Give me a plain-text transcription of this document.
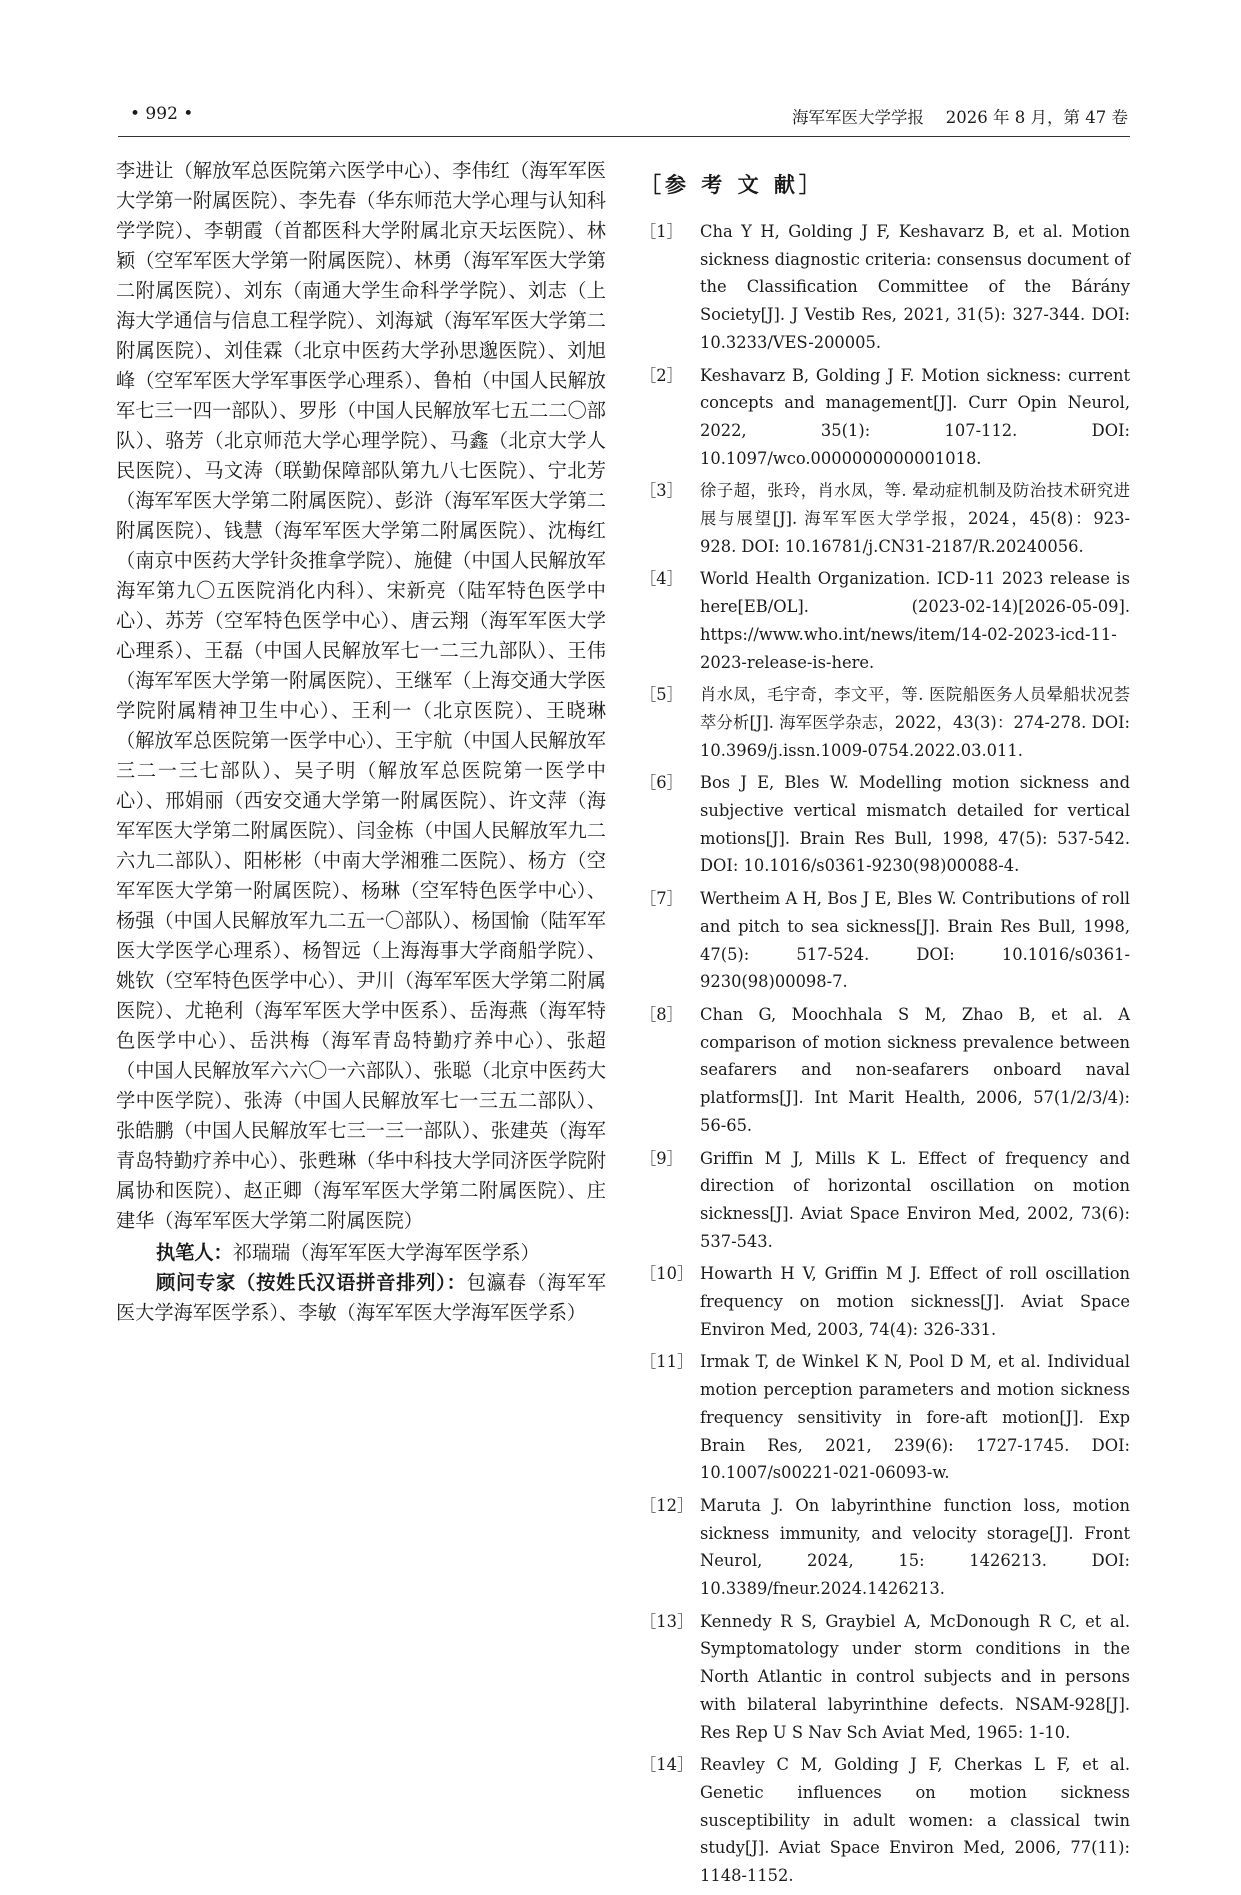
• 992 •	海军军医大学学报　 2026 年 8 月，第 47 卷

李进让（解放军总医院第六医学中心）、李伟红（海军军医大学第一附属医院）、李先春（华东师范大学心理与认知科学学院）、李朝霞（首都医科大学附属北京天坛医院）、林颖（空军军医大学第一附属医院）、林勇（海军军医大学第二附属医院）、刘东（南通大学生命科学学院）、刘志（上海大学通信与信息工程学院）、刘海斌（海军军医大学第二附属医院）、刘佳霖（北京中医药大学孙思邈医院）、刘旭峰（空军军医大学军事医学心理系）、鲁柏（中国人民解放军七三一四一部队）、罗彤（中国人民解放军七五二二〇部队）、骆芳（北京师范大学心理学院）、马鑫（北京大学人民医院）、马文涛（联勤保障部队第九八七医院）、宁北芳（海军军医大学第二附属医院）、彭浒（海军军医大学第二附属医院）、钱慧（海军军医大学第二附属医院）、沈梅红（南京中医药大学针灸推拿学院）、施健（中国人民解放军海军第九〇五医院消化内科）、宋新亮（陆军特色医学中心）、苏芳（空军特色医学中心）、唐云翔（海军军医大学心理系）、王磊（中国人民解放军七一二三九部队）、王伟（海军军医大学第一附属医院）、王继军（上海交通大学医学院附属精神卫生中心）、王利一（北京医院）、王晓琳（解放军总医院第一医学中心）、王宇航（中国人民解放军三二一三七部队）、吴子明（解放军总医院第一医学中心）、邢娟丽（西安交通大学第一附属医院）、许文萍（海军军医大学第二附属医院）、闫金栋（中国人民解放军九二六九二部队）、阳彬彬（中南大学湘雅二医院）、杨方（空军军医大学第一附属医院）、杨琳（空军特色医学中心）、杨强（中国人民解放军九二五一〇部队）、杨国愉（陆军军医大学医学心理系）、杨智远（上海海事大学商船学院）、姚钦（空军特色医学中心）、尹川（海军军医大学第二附属医院）、尤艳利（海军军医大学中医系）、岳海燕（海军特色医学中心）、岳洪梅（海军青岛特勤疗养中心）、张超（中国人民解放军六六〇一六部队）、张聪（北京中医药大学中医学院）、张涛（中国人民解放军七一三五二部队）、张皓鹏（中国人民解放军七三一三一部队）、张建英（海军青岛特勤疗养中心）、张甦琳（华中科技大学同济医学院附属协和医院）、赵正卿（海军军医大学第二附属医院）、庄建华（海军军医大学第二附属医院）

执笔人：祁瑞瑞（海军军医大学海军医学系）

顾问专家（按姓氏汉语拼音排列）：包瀛春（海军军医大学海军医学系）、李敏（海军军医大学海军医学系）

［参 考 文 献］
［1］	Cha Y H, Golding J F, Keshavarz B, et al. Motion sickness diagnostic criteria: consensus document of the Classification Committee of the Bárány Society[J]. J Vestib Res, 2021, 31(5): 327-344. DOI: 10.3233/VES-200005.
［2］	Keshavarz B, Golding J F. Motion sickness: current concepts and management[J]. Curr Opin Neurol, 2022, 35(1): 107-112. DOI: 10.1097/wco.0000000000001018.
［3］	徐子超，张玲，肖水凤，等. 晕动症机制及防治技术研究进展与展望[J]. 海军军医大学学报，2024，45(8)：923-928. DOI: 10.16781/j.CN31-2187/R.20240056.
［4］	World Health Organization. ICD-11 2023 release is here[EB/OL]. (2023-02-14)[2026-05-09]. https://www.who.int/news/item/14-02-2023-icd-11-2023-release-is-here.
［5］	肖水凤，毛宇奇，李文平，等. 医院船医务人员晕船状况荟萃分析[J]. 海军医学杂志，2022，43(3)：274-278. DOI: 10.3969/j.issn.1009-0754.2022.03.011.
［6］	Bos J E, Bles W. Modelling motion sickness and subjective vertical mismatch detailed for vertical motions[J]. Brain Res Bull, 1998, 47(5): 537-542. DOI: 10.1016/s0361-9230(98)00088-4.
［7］	Wertheim A H, Bos J E, Bles W. Contributions of roll and pitch to sea sickness[J]. Brain Res Bull, 1998, 47(5): 517-524. DOI: 10.1016/s0361-9230(98)00098-7.
［8］	Chan G, Moochhala S M, Zhao B, et al. A comparison of motion sickness prevalence between seafarers and non-seafarers onboard naval platforms[J]. Int Marit Health, 2006, 57(1/2/3/4): 56-65.
［9］	Griffin M J, Mills K L. Effect of frequency and direction of horizontal oscillation on motion sickness[J]. Aviat Space Environ Med, 2002, 73(6): 537-543.
［10］ Howarth H V, Griffin M J. Effect of roll oscillation frequency on motion sickness[J]. Aviat Space Environ Med, 2003, 74(4): 326-331.
［11］ Irmak T, de Winkel K N, Pool D M, et al. Individual motion perception parameters and motion sickness frequency sensitivity in fore-aft motion[J]. Exp Brain Res, 2021, 239(6): 1727-1745. DOI: 10.1007/s00221-021-06093-w.
［12］ Maruta J. On labyrinthine function loss, motion sickness immunity, and velocity storage[J]. Front Neurol, 2024, 15: 1426213. DOI: 10.3389/fneur.2024.1426213.
［13］ Kennedy R S, Graybiel A, McDonough R C, et al. Symptomatology under storm conditions in the North Atlantic in control subjects and in persons with bilateral labyrinthine defects. NSAM-928[J]. Res Rep U S Nav Sch Aviat Med, 1965: 1-10.
［14］ Reavley C M, Golding J F, Cherkas L F, et al. Genetic influences on motion sickness susceptibility in adult women: a classical twin study[J]. Aviat Space Environ Med, 2006, 77(11): 1148-1152.
